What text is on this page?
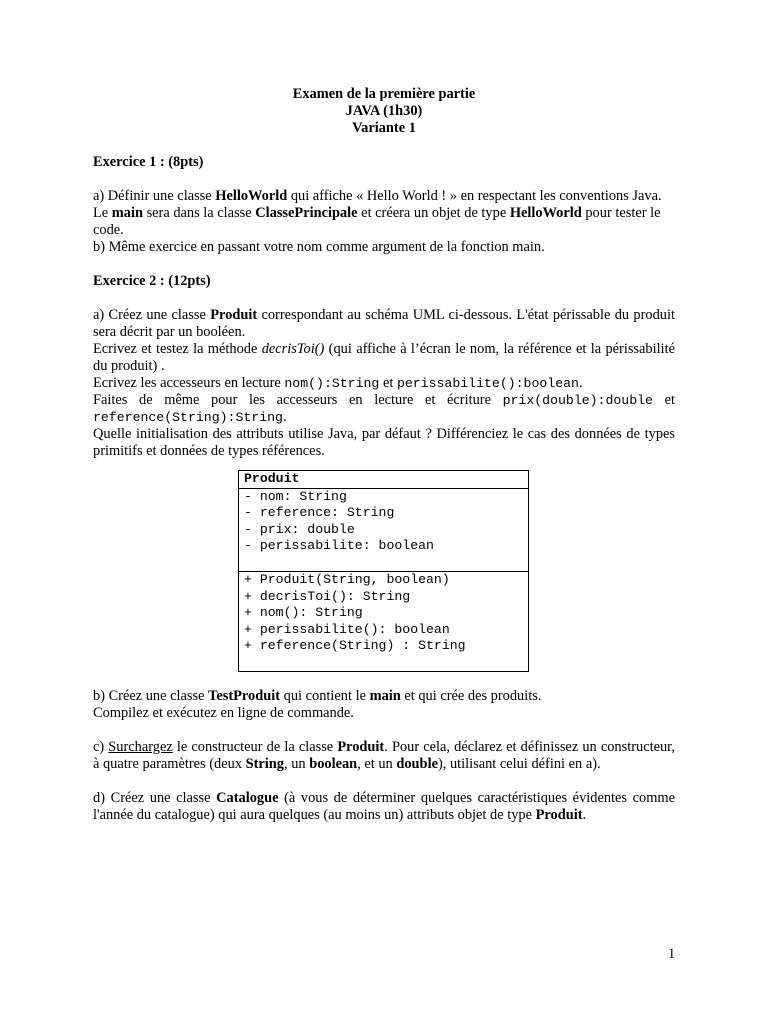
Examen de la première partie
JAVA (1h30)
Variante 1

Exercice 1 : (8pts)

a) Définir une classe HelloWorld qui affiche « Hello World ! » en respectant les conventions Java. Le main sera dans la classe ClassePrincipale et créera un objet de type HelloWorld pour tester le code.

b) Même exercice en passant votre nom comme argument de la fonction main.

Exercice 2 : (12pts)

a) Créez une classe Produit correspondant au schéma UML ci-dessous. L'état périssable du produit sera décrit par un booléen.

Ecrivez et testez la méthode decrisToi() (qui affiche à l’écran le nom, la référence et la périssabilité du produit) .

Ecrivez les accesseurs en lecture nom():String et perissabilite():boolean.

Faites de même pour les accesseurs en lecture et écriture prix(double):double et reference(String):String.

Quelle initialisation des attributs utilise Java, par défaut ? Différenciez le cas des données de types primitifs et données de types références.

Produit
- nom: String
- reference: String
- prix: double
- perissabilite: boolean
+ Produit(String, boolean)
+ decrisToi(): String
+ nom(): String
+ perissabilite(): boolean
+ reference(String) : String

b) Créez une classe TestProduit qui contient le main et qui crée des produits.

Compilez et exécutez en ligne de commande.

c) Surchargez le constructeur de la classe Produit. Pour cela, déclarez et définissez un constructeur, à quatre paramètres (deux String, un boolean, et un double), utilisant celui défini en a).

d) Créez une classe Catalogue (à vous de déterminer quelques caractéristiques évidentes comme l'année du catalogue) qui aura quelques (au moins un) attributs objet de type Produit.

1
